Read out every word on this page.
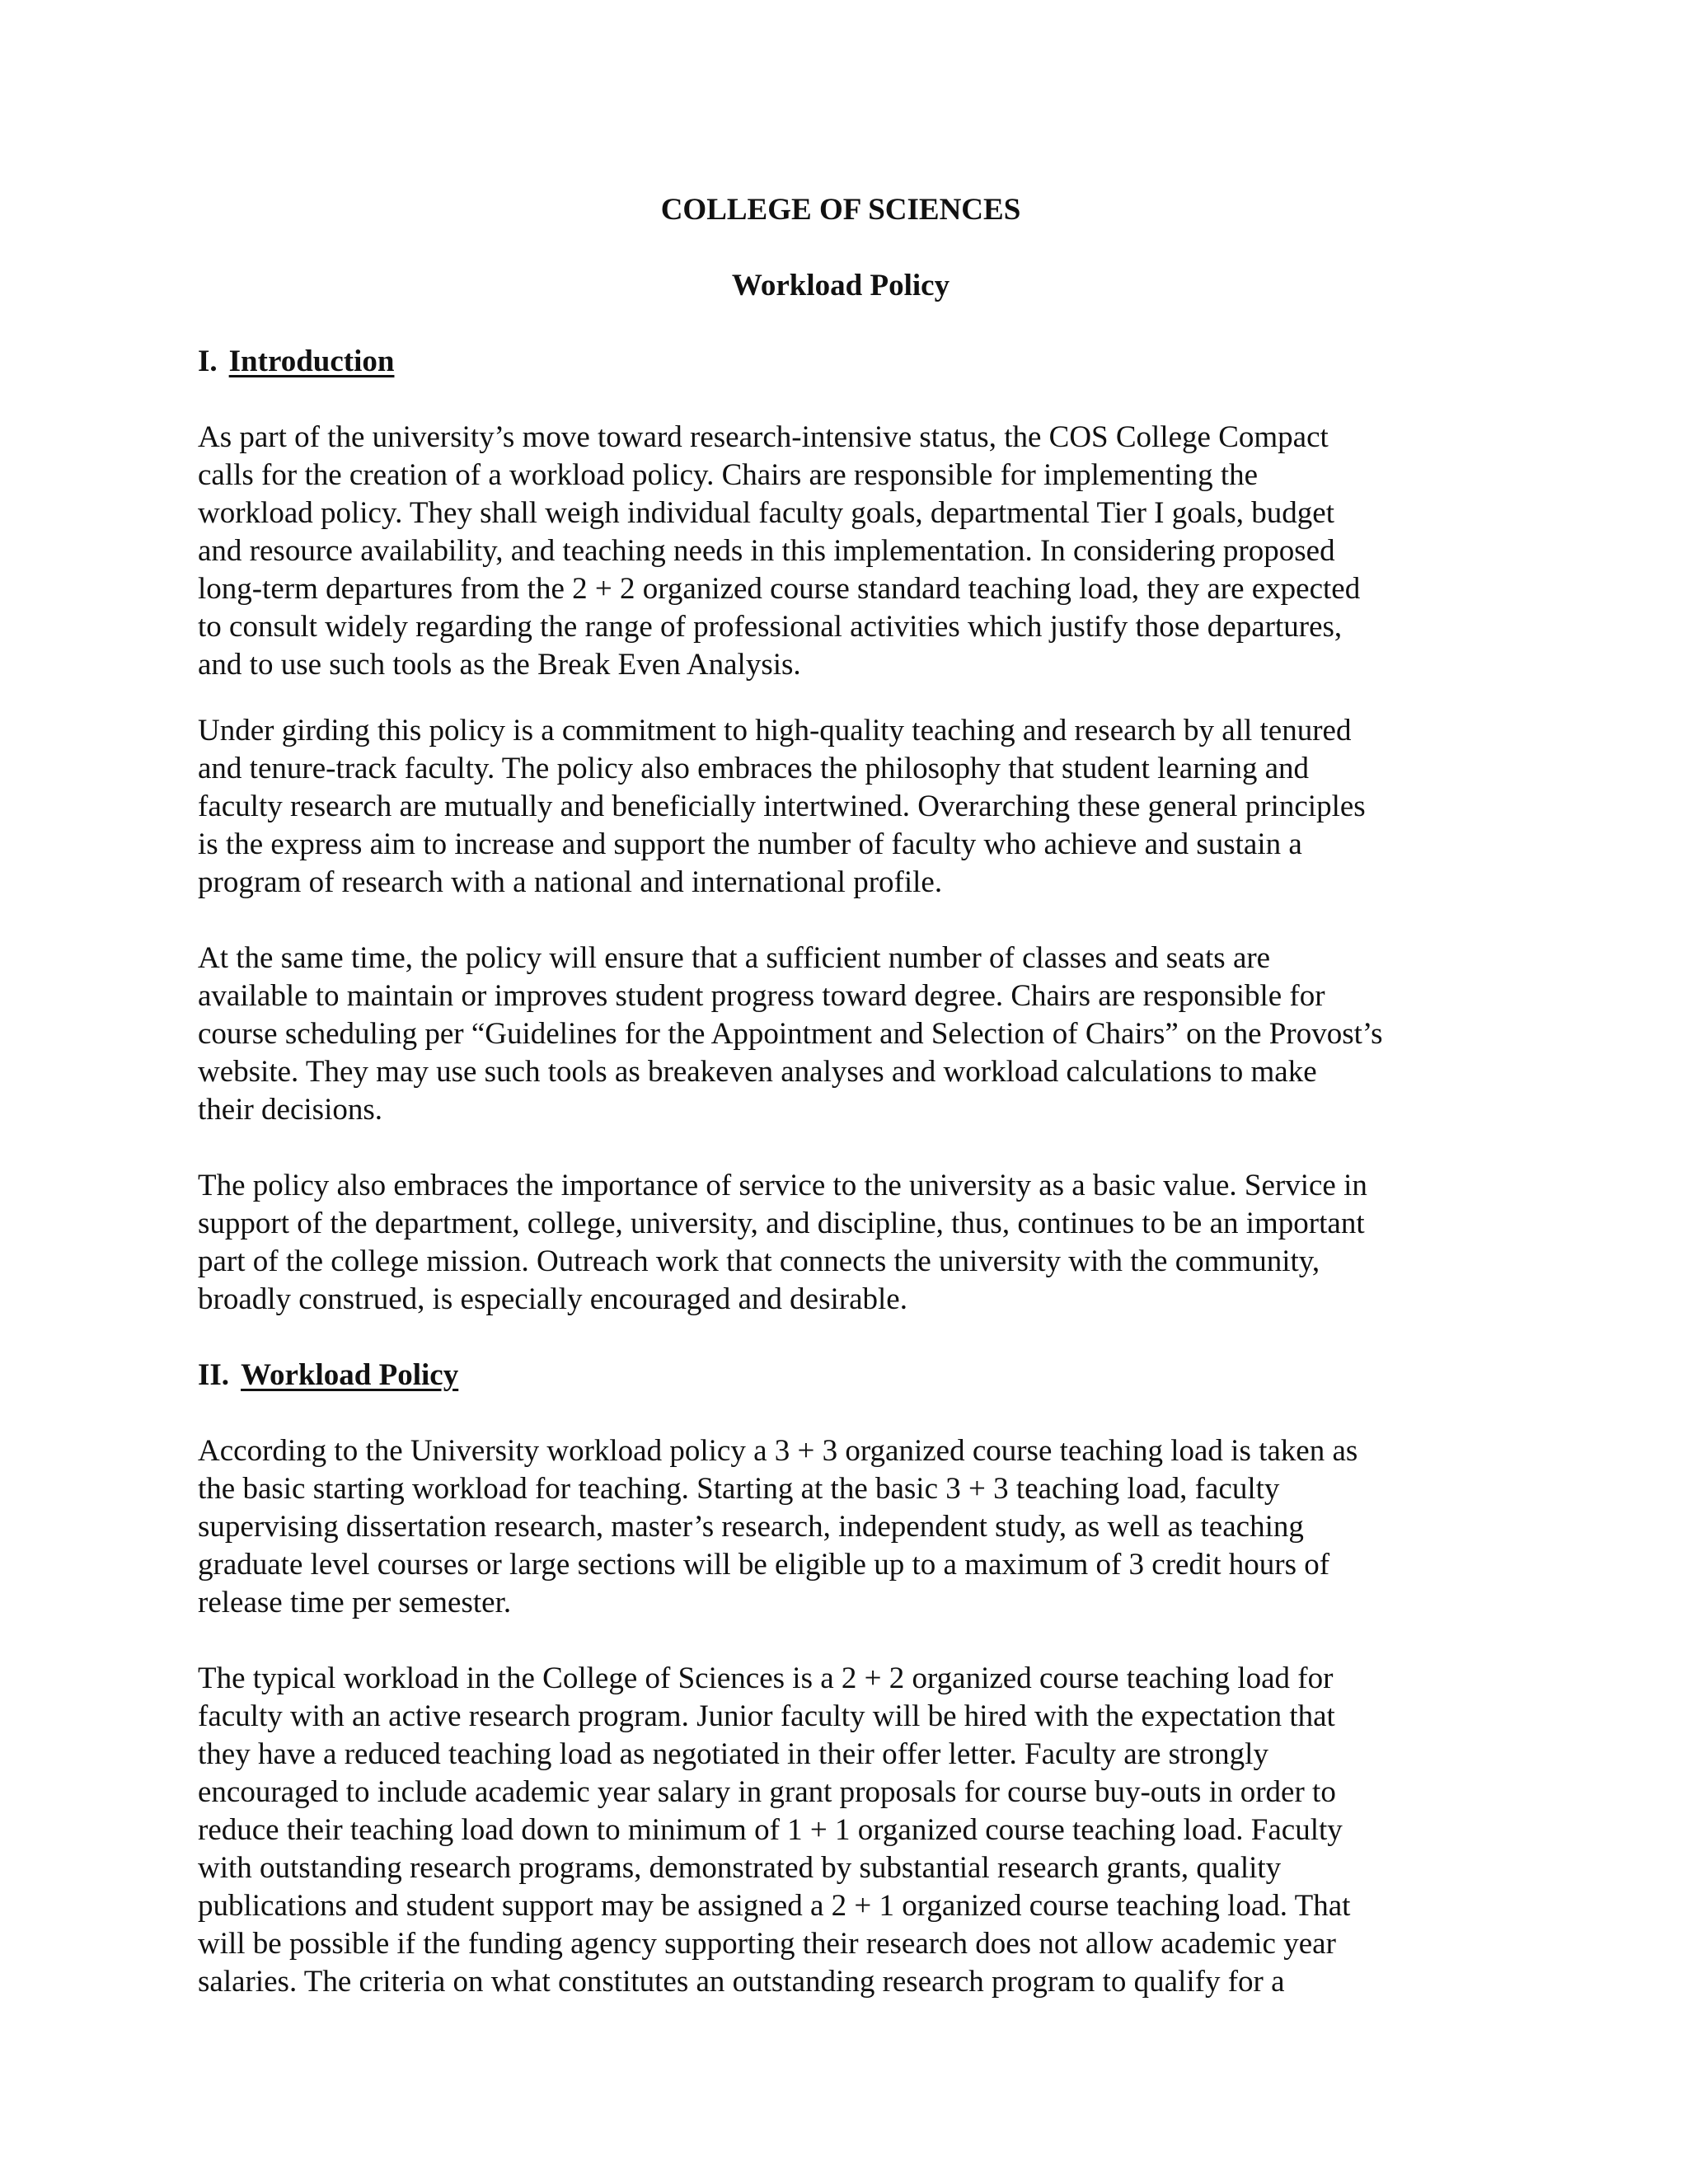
COLLEGE OF SCIENCES
Workload Policy
I. Introduction

As part of the university’s move toward research-intensive status, the COS College Compact
calls for the creation of a workload policy. Chairs are responsible for implementing the
workload policy. They shall weigh individual faculty goals, departmental Tier I goals, budget
and resource availability, and teaching needs in this implementation. In considering proposed
long-term departures from the 2 + 2 organized course standard teaching load, they are expected
to consult widely regarding the range of professional activities which justify those departures,
and to use such tools as the Break Even Analysis.

Under girding this policy is a commitment to high-quality teaching and research by all tenured
and tenure-track faculty. The policy also embraces the philosophy that student learning and
faculty research are mutually and beneficially intertwined. Overarching these general principles
is the express aim to increase and support the number of faculty who achieve and sustain a
program of research with a national and international profile.

At the same time, the policy will ensure that a sufficient number of classes and seats are
available to maintain or improves student progress toward degree. Chairs are responsible for
course scheduling per “Guidelines for the Appointment and Selection of Chairs” on the Provost’s
website. They may use such tools as breakeven analyses and workload calculations to make
their decisions.

The policy also embraces the importance of service to the university as a basic value. Service in
support of the department, college, university, and discipline, thus, continues to be an important
part of the college mission. Outreach work that connects the university with the community,
broadly construed, is especially encouraged and desirable.

II. Workload Policy

According to the University workload policy a 3 + 3 organized course teaching load is taken as
the basic starting workload for teaching. Starting at the basic 3 + 3 teaching load, faculty
supervising dissertation research, master’s research, independent study, as well as teaching
graduate level courses or large sections will be eligible up to a maximum of 3 credit hours of
release time per semester.

The typical workload in the College of Sciences is a 2 + 2 organized course teaching load for
faculty with an active research program. Junior faculty will be hired with the expectation that
they have a reduced teaching load as negotiated in their offer letter. Faculty are strongly
encouraged to include academic year salary in grant proposals for course buy-outs in order to
reduce their teaching load down to minimum of 1 + 1 organized course teaching load. Faculty
with outstanding research programs, demonstrated by substantial research grants, quality
publications and student support may be assigned a 2 + 1 organized course teaching load. That
will be possible if the funding agency supporting their research does not allow academic year
salaries. The criteria on what constitutes an outstanding research program to qualify for a
